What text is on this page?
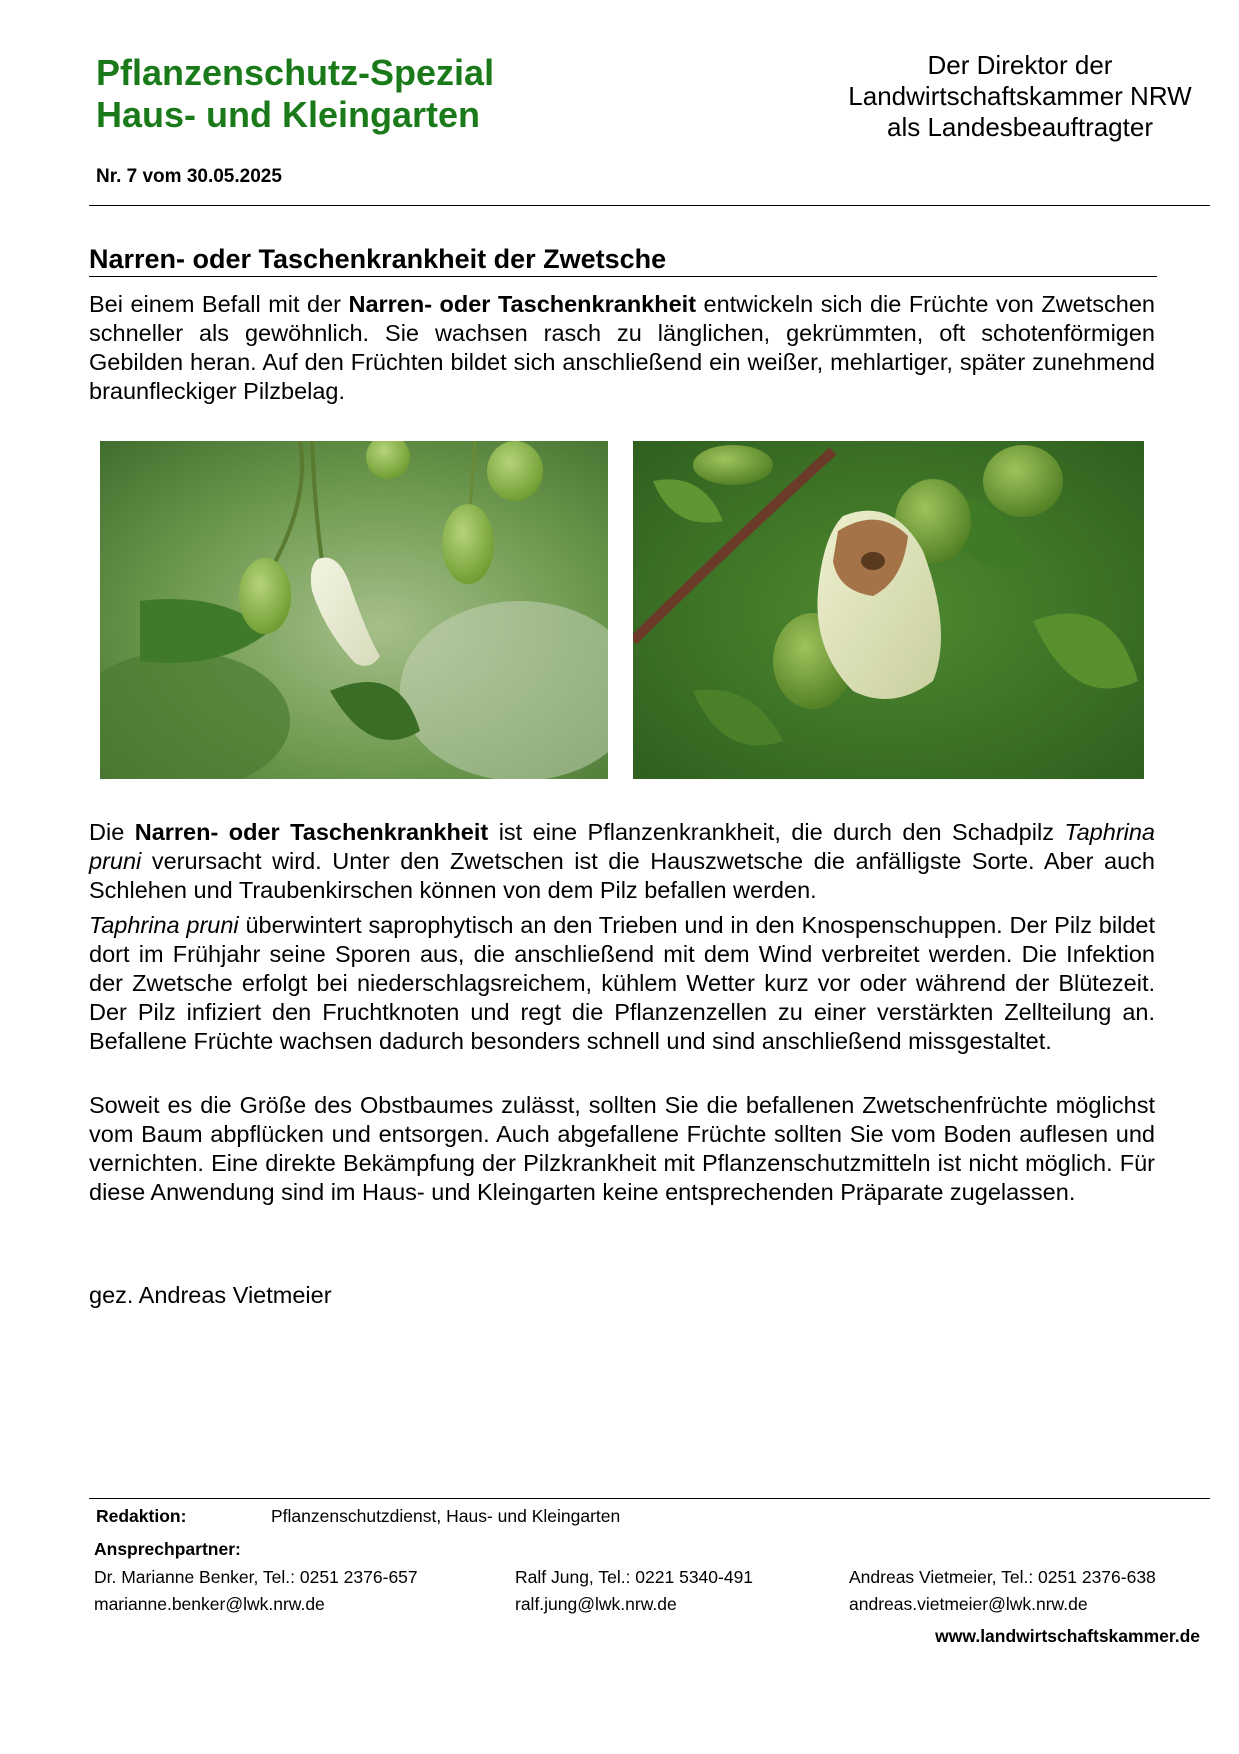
Pflanzenschutz-Spezial
Haus- und Kleingarten
Der Direktor der
Landwirtschaftskammer NRW
als Landesbeauftragter
Nr. 7 vom 30.05.2025
Narren- oder Taschenkrankheit der Zwetsche
Bei einem Befall mit der Narren- oder Taschenkrankheit entwickeln sich die Früchte von Zwetschen schneller als gewöhnlich. Sie wachsen rasch zu länglichen, gekrümmten, oft schotenförmigen Gebilden heran. Auf den Früchten bildet sich anschließend ein weißer, mehlartiger, später zunehmend braunfleckiger Pilzbelag.
Die Narren- oder Taschenkrankheit ist eine Pflanzenkrankheit, die durch den Schadpilz Taphrina pruni verursacht wird. Unter den Zwetschen ist die Hauszwetsche die anfälligste Sorte. Aber auch Schlehen und Traubenkirschen können von dem Pilz befallen werden.
Taphrina pruni überwintert saprophytisch an den Trieben und in den Knospenschuppen. Der Pilz bildet dort im Frühjahr seine Sporen aus, die anschließend mit dem Wind verbreitet werden. Die Infektion der Zwetsche erfolgt bei niederschlagsreichem, kühlem Wetter kurz vor oder während der Blütezeit. Der Pilz infiziert den Fruchtknoten und regt die Pflanzenzellen zu einer verstärkten Zellteilung an. Befallene Früchte wachsen dadurch besonders schnell und sind anschließend missgestaltet.
Soweit es die Größe des Obstbaumes zulässt, sollten Sie die befallenen Zwetschenfrüchte möglichst vom Baum abpflücken und entsorgen. Auch abgefallene Früchte sollten Sie vom Boden auflesen und vernichten. Eine direkte Bekämpfung der Pilzkrankheit mit Pflanzenschutzmitteln ist nicht möglich. Für diese Anwendung sind im Haus- und Kleingarten keine entsprechenden Präparate zugelassen.
gez. Andreas Vietmeier
Redaktion:	Pflanzenschutzdienst, Haus- und Kleingarten
Ansprechpartner:
Dr. Marianne Benker, Tel.: 0251 2376-657
marianne.benker@lwk.nrw.de
Ralf Jung, Tel.: 0221 5340-491
ralf.jung@lwk.nrw.de
Andreas Vietmeier, Tel.: 0251 2376-638
andreas.vietmeier@lwk.nrw.de
www.landwirtschaftskammer.de
